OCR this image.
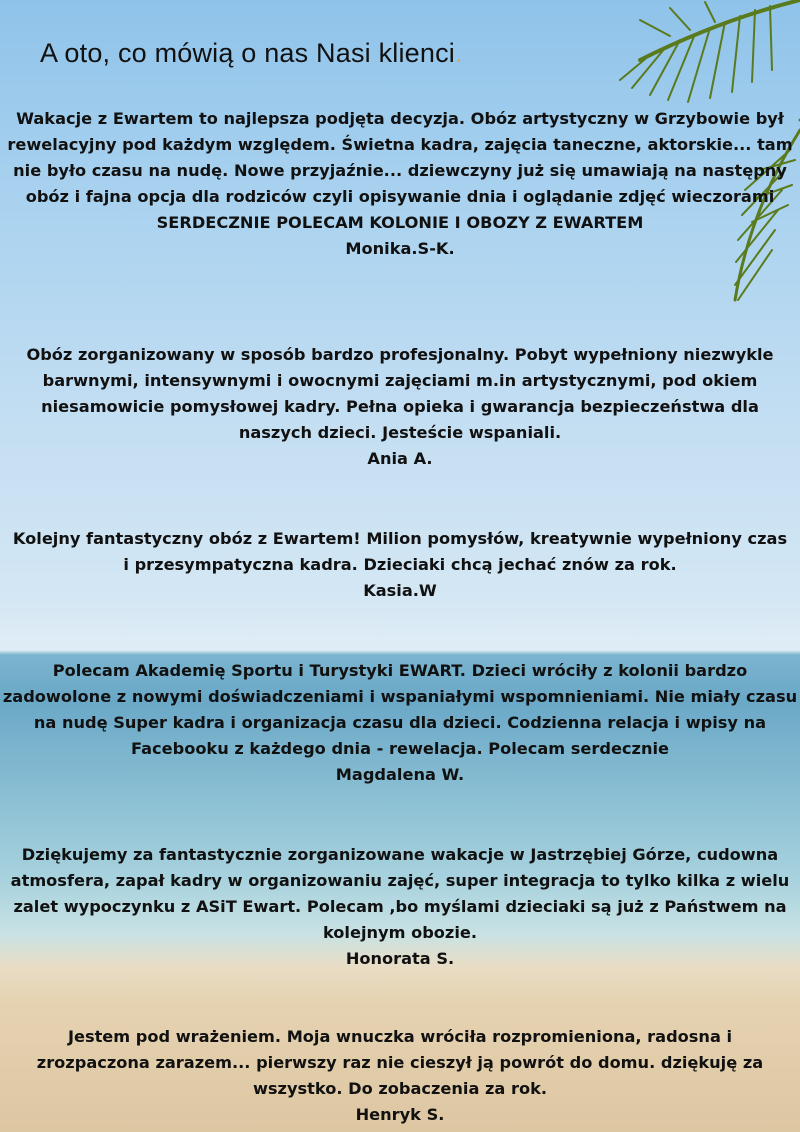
A oto, co mówią o nas Nasi klienci.

Wakacje z Ewartem to najlepsza podjęta decyzja. Obóz artystyczny w Grzybowie był rewelacyjny pod każdym względem. Świetna kadra, zajęcia taneczne, aktorskie... tam nie było czasu na nudę. Nowe przyjaźnie... dziewczyny już się umawiają na następny obóz i fajna opcja dla rodziców czyli opisywanie dnia i oglądanie zdjęć wieczorami

SERDECZNIE POLECAM KOLONIE I OBOZY Z EWARTEM

Monika.S-K.

Obóz zorganizowany w sposób bardzo profesjonalny. Pobyt wypełniony niezwykle barwnymi, intensywnymi i owocnymi zajęciami m.in artystycznymi, pod okiem niesamowicie pomysłowej kadry. Pełna opieka i gwarancja bezpieczeństwa dla naszych dzieci. Jesteście wspaniali.

Ania A.

Kolejny fantastyczny obóz z Ewartem! Milion pomysłów, kreatywnie wypełniony czas i przesympatyczna kadra. Dzieciaki chcą jechać znów za rok.

Kasia.W

Polecam Akademię Sportu i Turystyki EWART. Dzieci wróciły z kolonii bardzo zadowolone z nowymi doświadczeniami i wspaniałymi wspomnieniami. Nie miały czasu na nudę Super kadra i organizacja czasu dla dzieci. Codzienna relacja i wpisy na Facebooku z każdego dnia - rewelacja. Polecam serdecznie

Magdalena W.

Dziękujemy za fantastycznie zorganizowane wakacje w Jastrzębiej Górze, cudowna atmosfera, zapał kadry w organizowaniu zajęć, super integracja to tylko kilka z wielu zalet wypoczynku z ASiT Ewart. Polecam ,bo myślami dzieciaki są już z Państwem na kolejnym obozie.

Honorata S.

Jestem pod wrażeniem. Moja wnuczka wróciła rozpromieniona, radosna i zrozpaczona zarazem... pierwszy raz nie cieszył ją powrót do domu. dziękuję za wszystko. Do zobaczenia za rok.

Henryk S.
